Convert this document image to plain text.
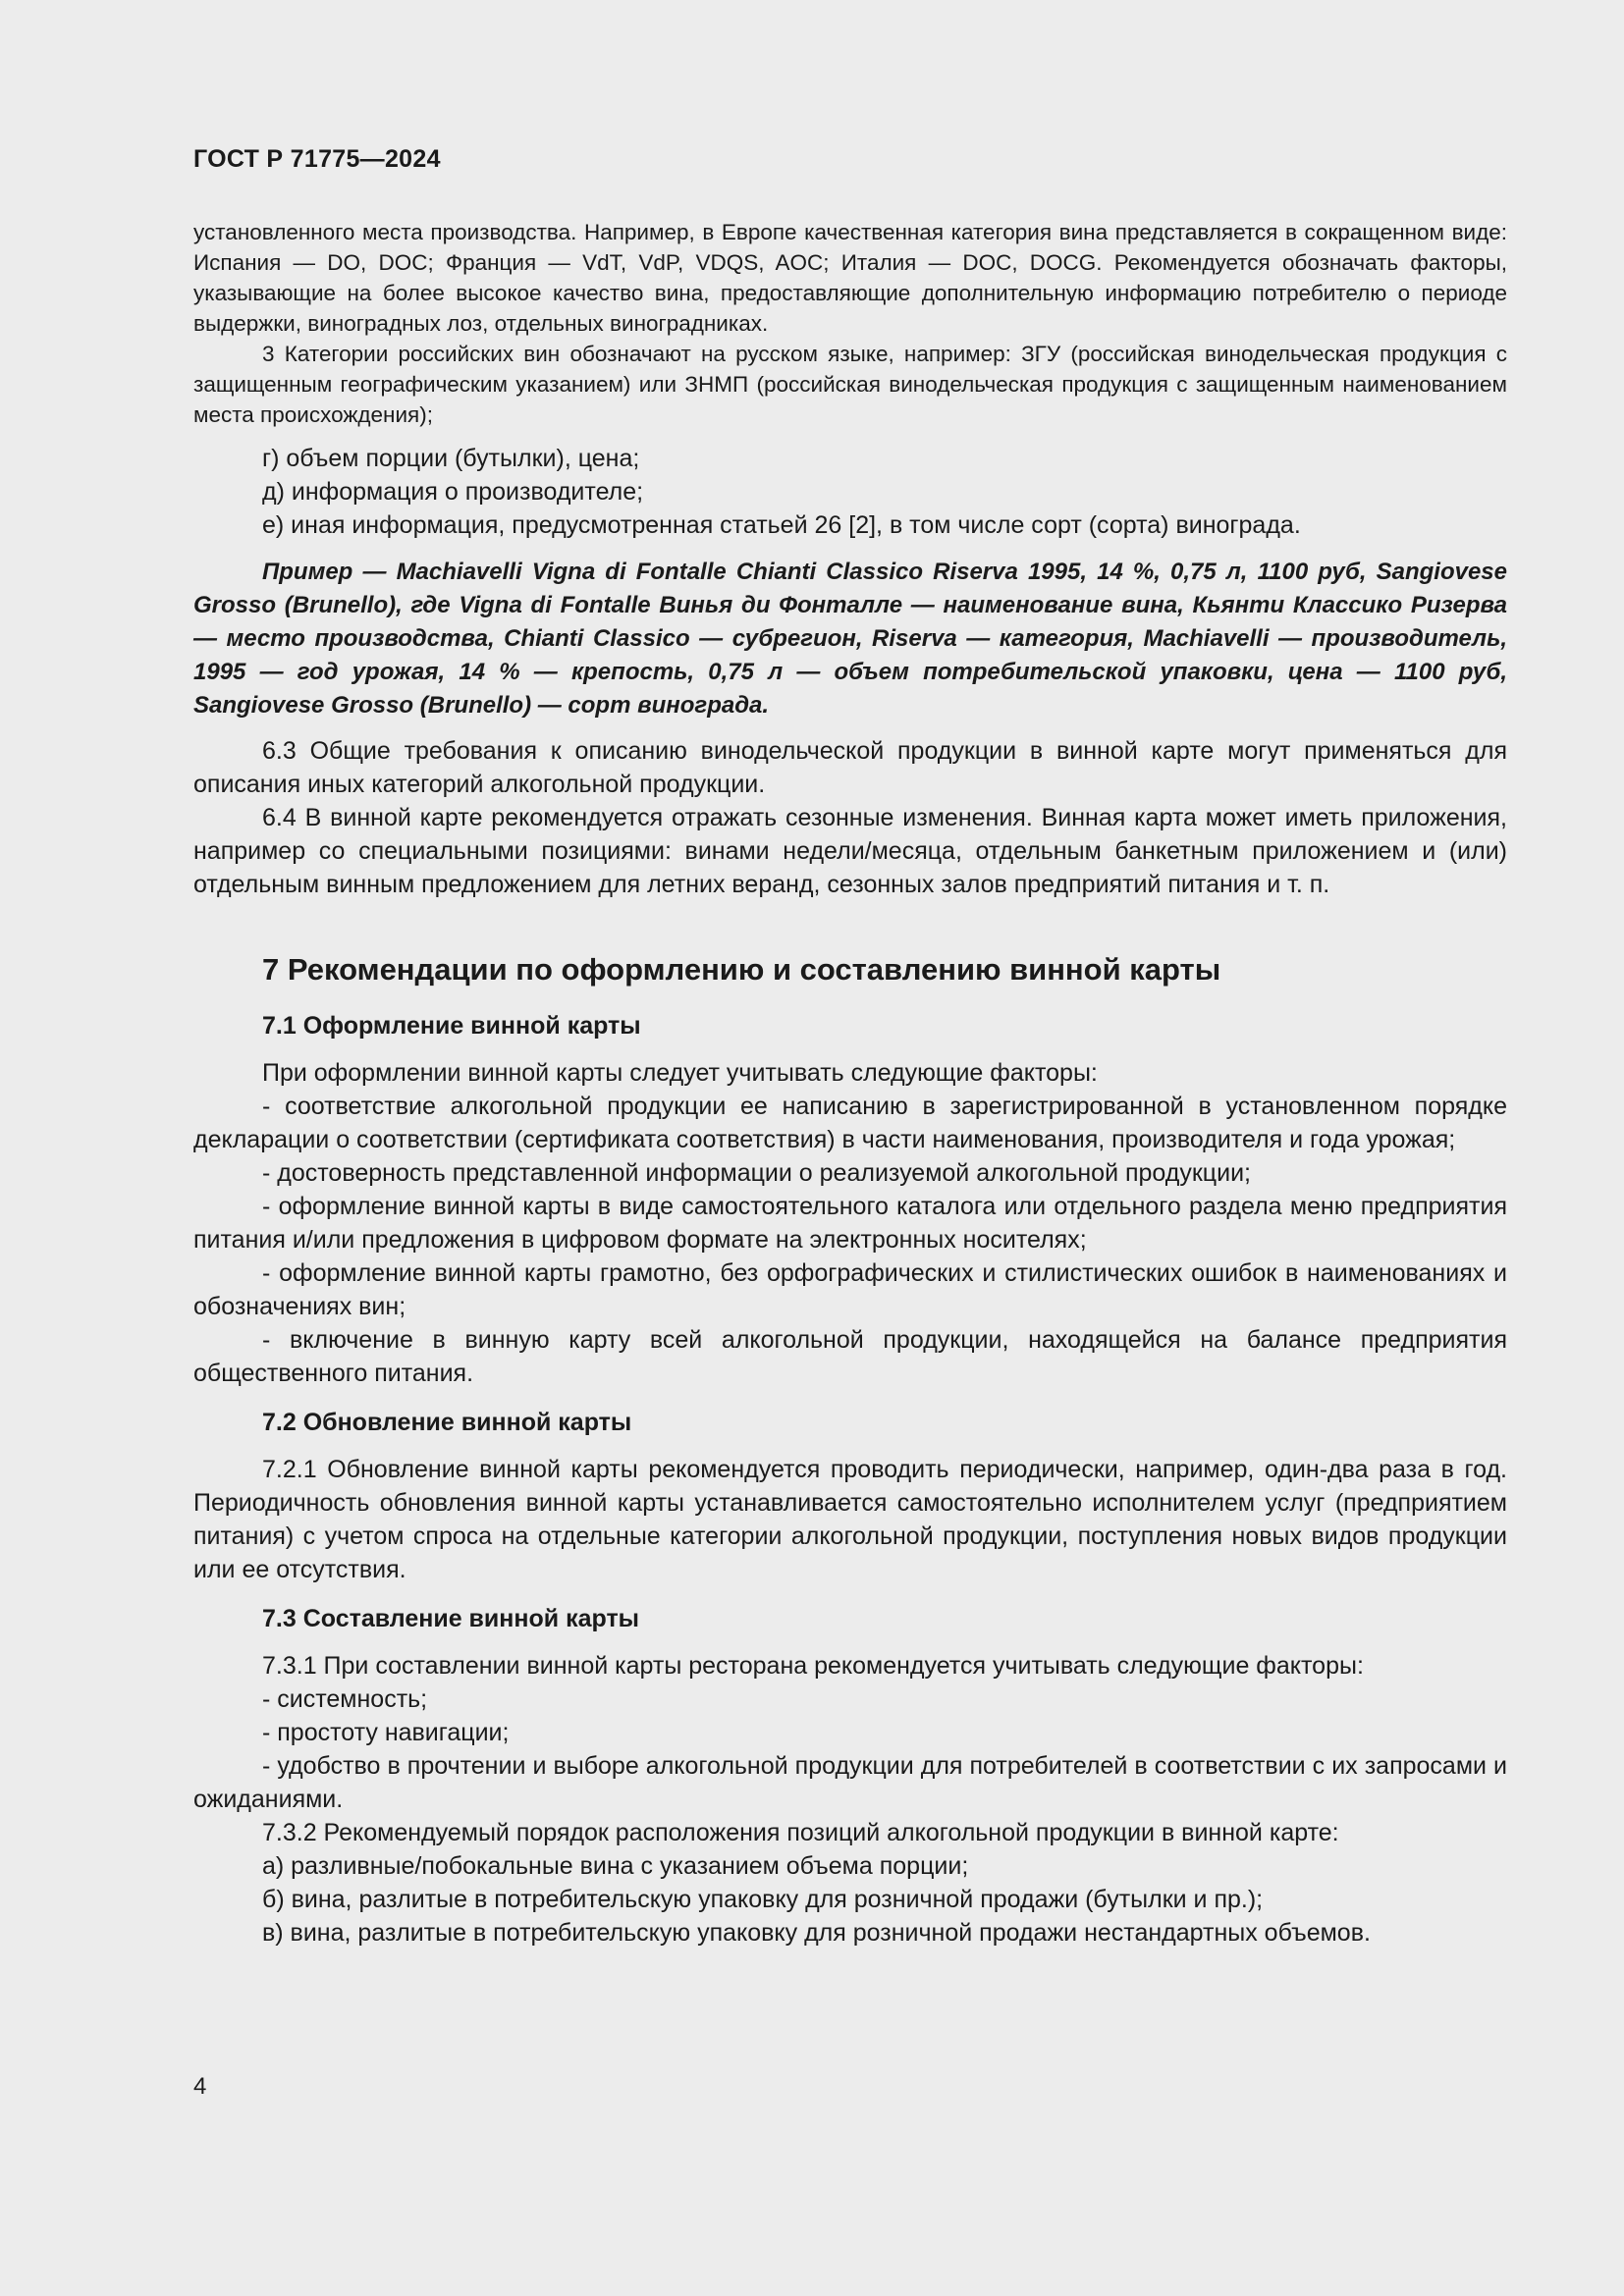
ГОСТ Р 71775—2024

установленного места производства. Например, в Европе качественная категория вина представляется в сокращенном виде: Испания — DO, DOC; Франция — VdT, VdP, VDQS, AOC; Италия — DOC, DOCG. Рекомендуется обозначать факторы, указывающие на более высокое качество вина, предоставляющие дополнительную информацию потребителю о периоде выдержки, виноградных лоз, отдельных виноградниках.

3 Категории российских вин обозначают на русском языке, например: ЗГУ (российская винодельческая продукция с защищенным географическим указанием) или ЗНМП (российская винодельческая продукция с защищенным наименованием места происхождения);

г) объем порции (бутылки), цена;

д) информация о производителе;

е) иная информация, предусмотренная статьей 26 [2], в том числе сорт (сорта) винограда.

Пример — Machiavelli Vigna di Fontalle Chianti Classico Riserva 1995, 14 %, 0,75 л, 1100 руб, Sangiovese Grosso (Brunello), где Vigna di Fontalle Винья ди Фонталле — наименование вина, Кьянти Классико Ризерва — место производства, Chianti Classico — субрегион, Riserva — категория, Machiavelli — производитель, 1995 — год урожая, 14 % — крепость, 0,75 л — объем потребительской упаковки, цена — 1100 руб, Sangiovese Grosso (Brunello) — сорт винограда.

6.3 Общие требования к описанию винодельческой продукции в винной карте могут применяться для описания иных категорий алкогольной продукции.

6.4 В винной карте рекомендуется отражать сезонные изменения. Винная карта может иметь приложения, например со специальными позициями: винами недели/месяца, отдельным банкетным приложением и (или) отдельным винным предложением для летних веранд, сезонных залов предприятий питания и т. п.

7 Рекомендации по оформлению и составлению винной карты
7.1 Оформление винной карты

При оформлении винной карты следует учитывать следующие факторы:

- соответствие алкогольной продукции ее написанию в зарегистрированной в установленном порядке декларации о соответствии (сертификата соответствия) в части наименования, производителя и года урожая;

- достоверность представленной информации о реализуемой алкогольной продукции;

- оформление винной карты в виде самостоятельного каталога или отдельного раздела меню предприятия питания и/или предложения в цифровом формате на электронных носителях;

- оформление винной карты грамотно, без орфографических и стилистических ошибок в наименованиях и обозначениях вин;

- включение в винную карту всей алкогольной продукции, находящейся на балансе предприятия общественного питания.

7.2 Обновление винной карты

7.2.1 Обновление винной карты рекомендуется проводить периодически, например, один-два раза в год. Периодичность обновления винной карты устанавливается самостоятельно исполнителем услуг (предприятием питания) с учетом спроса на отдельные категории алкогольной продукции, поступления новых видов продукции или ее отсутствия.

7.3 Составление винной карты

7.3.1 При составлении винной карты ресторана рекомендуется учитывать следующие факторы:

- системность;

- простоту навигации;

- удобство в прочтении и выборе алкогольной продукции для потребителей в соответствии с их запросами и ожиданиями.

7.3.2 Рекомендуемый порядок расположения позиций алкогольной продукции в винной карте:

а) разливные/побокальные вина с указанием объема порции;

б) вина, разлитые в потребительскую упаковку для розничной продажи (бутылки и пр.);

в) вина, разлитые в потребительскую упаковку для розничной продажи нестандартных объемов.

4
